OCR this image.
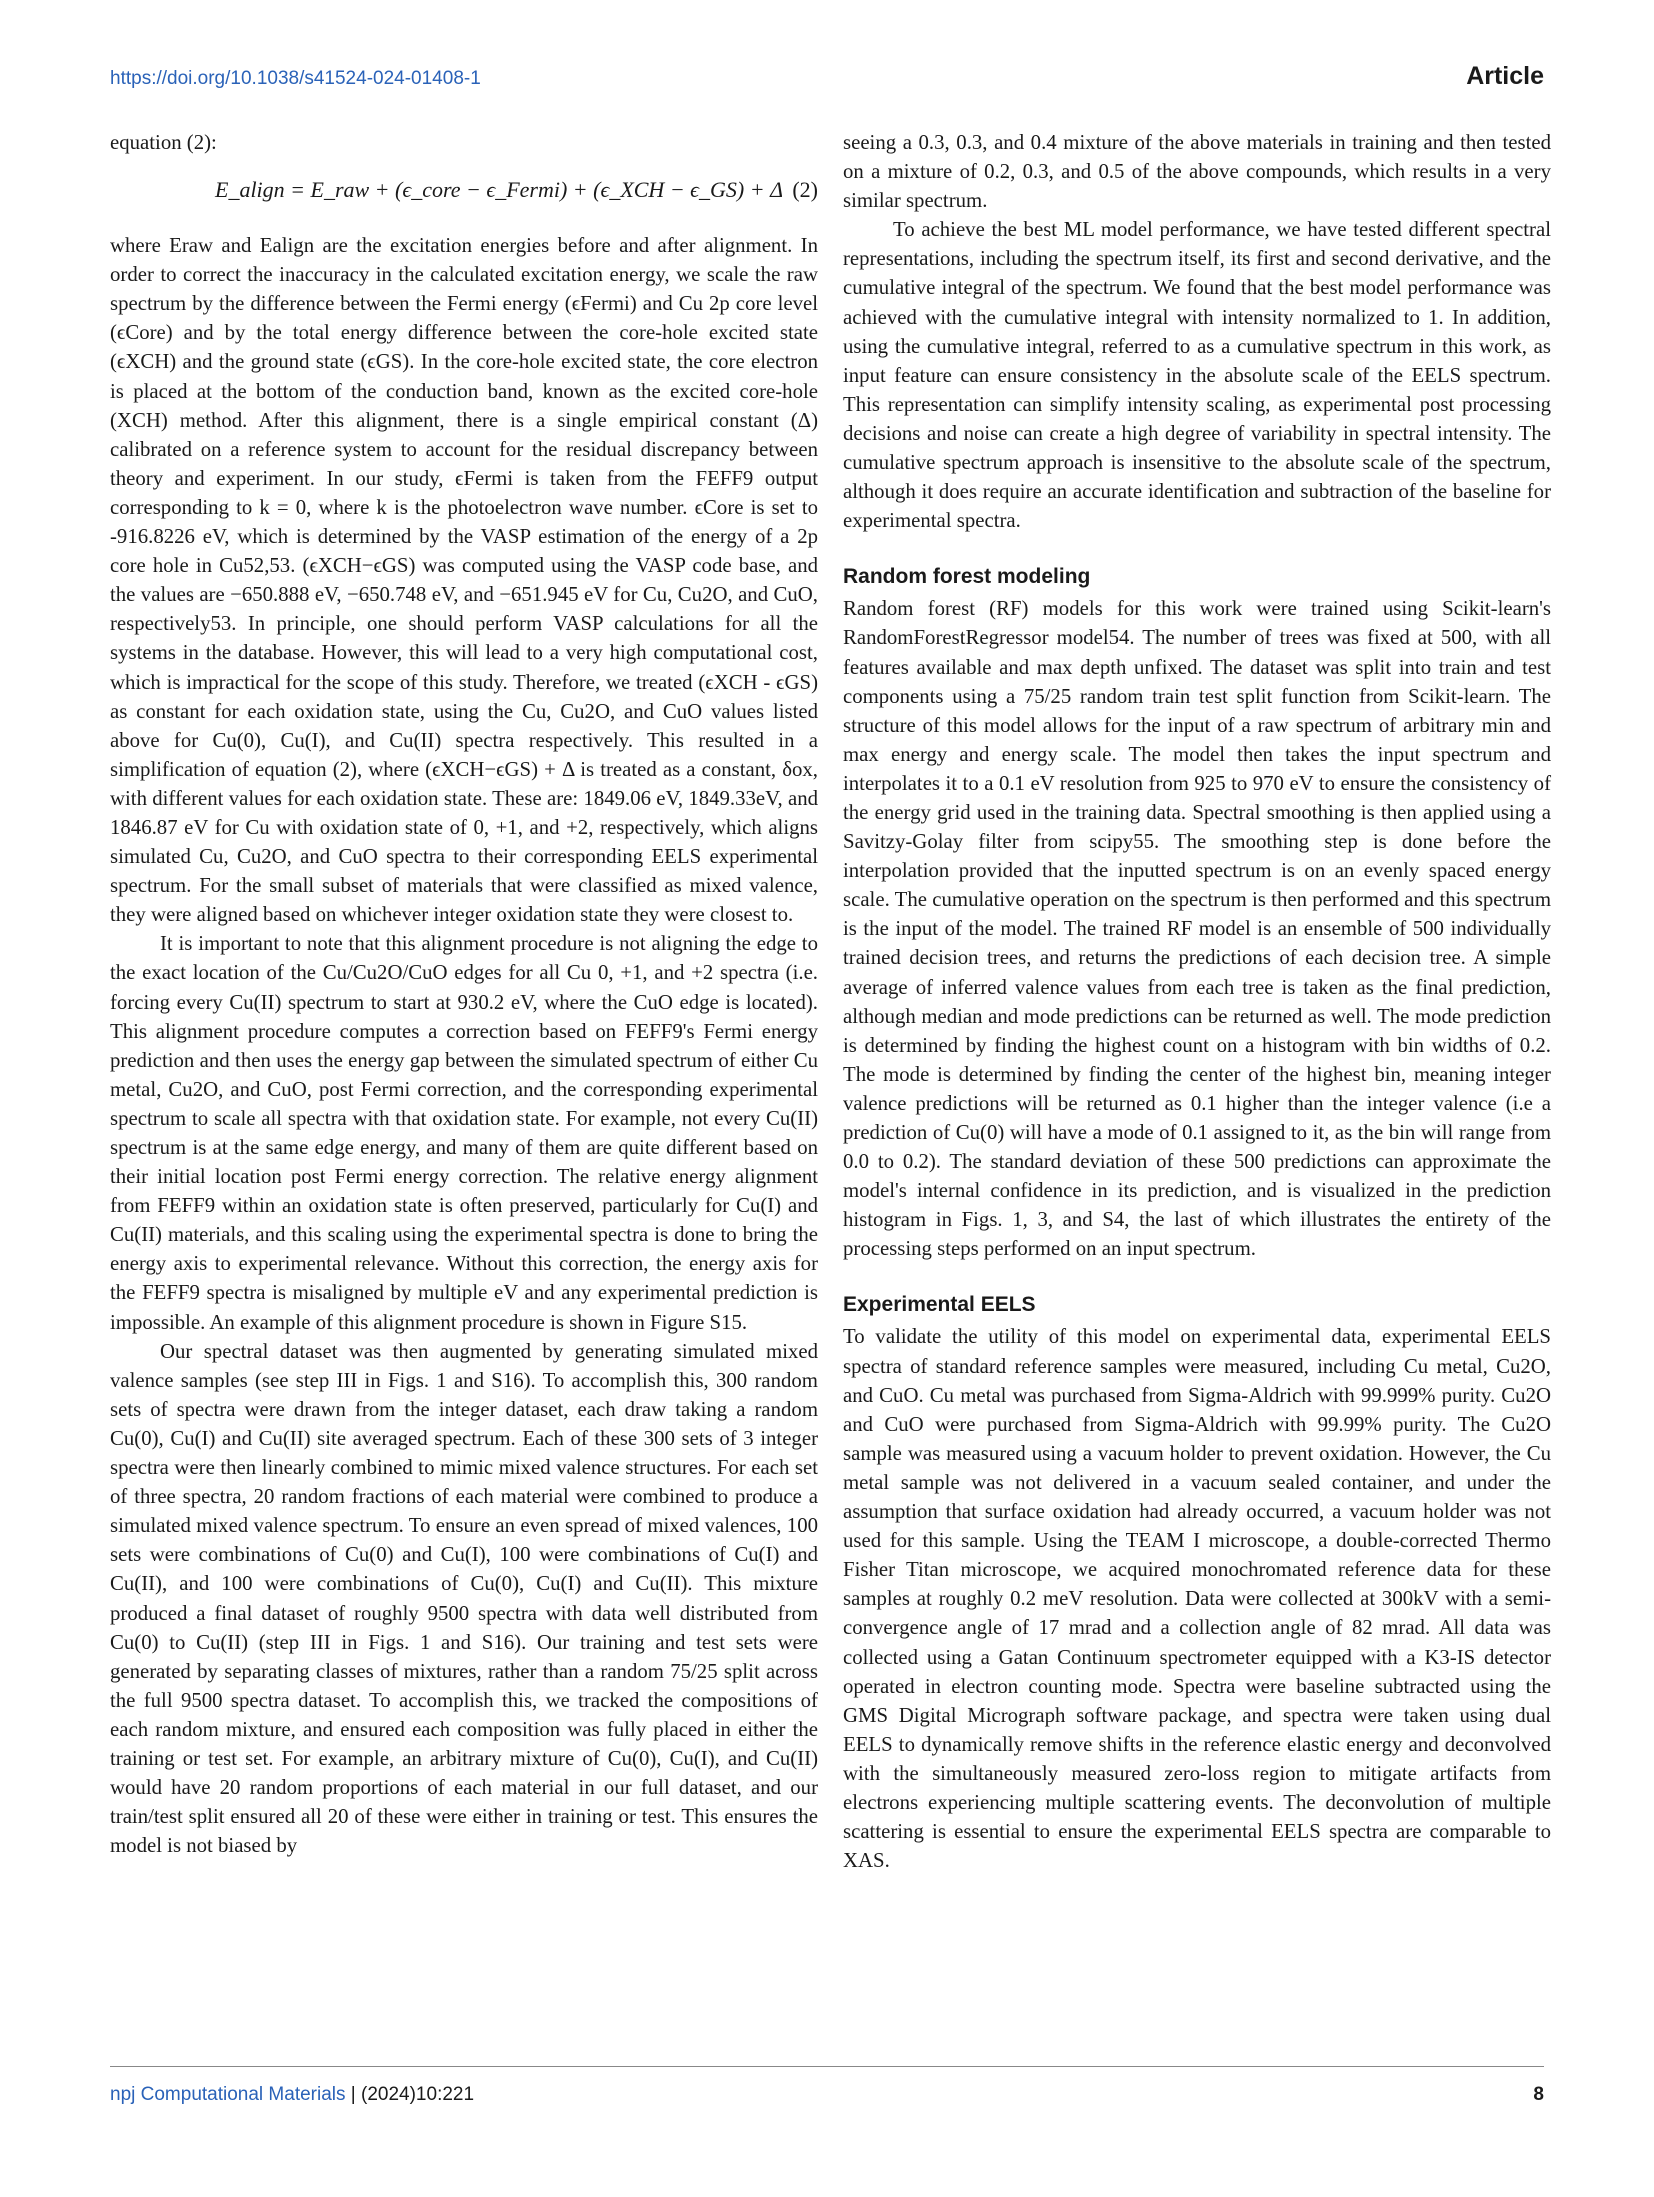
https://doi.org/10.1038/s41524-024-01408-1	Article

equation (2):

E_align = E_raw + (ϵ_core − ϵ_Fermi) + (ϵ_XCH − ϵ_GS) + Δ (2)

where Eraw and Ealign are the excitation energies before and after alignment. In order to correct the inaccuracy in the calculated excitation energy, we scale the raw spectrum by the difference between the Fermi energy (ϵFermi) and Cu 2p core level (ϵCore) and by the total energy difference between the core-hole excited state (ϵXCH) and the ground state (ϵGS). In the core-hole excited state, the core electron is placed at the bottom of the conduction band, known as the excited core-hole (XCH) method. After this alignment, there is a single empirical constant (Δ) calibrated on a reference system to account for the residual discrepancy between theory and experiment. In our study, ϵFermi is taken from the FEFF9 output corresponding to k = 0, where k is the photoelectron wave number. ϵCore is set to -916.8226 eV, which is determined by the VASP estimation of the energy of a 2p core hole in Cu52,53. (ϵXCH−ϵGS) was computed using the VASP code base, and the values are −650.888 eV, −650.748 eV, and −651.945 eV for Cu, Cu2O, and CuO, respectively53. In principle, one should perform VASP calculations for all the systems in the database. However, this will lead to a very high computational cost, which is impractical for the scope of this study. Therefore, we treated (ϵXCH - ϵGS) as constant for each oxidation state, using the Cu, Cu2O, and CuO values listed above for Cu(0), Cu(I), and Cu(II) spectra respectively. This resulted in a simplification of equation (2), where (ϵXCH−ϵGS) + Δ is treated as a constant, δox, with different values for each oxidation state. These are: 1849.06 eV, 1849.33eV, and 1846.87 eV for Cu with oxidation state of 0, +1, and +2, respectively, which aligns simulated Cu, Cu2O, and CuO spectra to their corresponding EELS experimental spectrum. For the small subset of materials that were classified as mixed valence, they were aligned based on whichever integer oxidation state they were closest to.

It is important to note that this alignment procedure is not aligning the edge to the exact location of the Cu/Cu2O/CuO edges for all Cu 0, +1, and +2 spectra (i.e. forcing every Cu(II) spectrum to start at 930.2 eV, where the CuO edge is located). This alignment procedure computes a correction based on FEFF9's Fermi energy prediction and then uses the energy gap between the simulated spectrum of either Cu metal, Cu2O, and CuO, post Fermi correction, and the corresponding experimental spectrum to scale all spectra with that oxidation state. For example, not every Cu(II) spectrum is at the same edge energy, and many of them are quite different based on their initial location post Fermi energy correction. The relative energy alignment from FEFF9 within an oxidation state is often preserved, particularly for Cu(I) and Cu(II) materials, and this scaling using the experimental spectra is done to bring the energy axis to experimental relevance. Without this correction, the energy axis for the FEFF9 spectra is misaligned by multiple eV and any experimental prediction is impossible. An example of this alignment procedure is shown in Figure S15.

Our spectral dataset was then augmented by generating simulated mixed valence samples (see step III in Figs. 1 and S16). To accomplish this, 300 random sets of spectra were drawn from the integer dataset, each draw taking a random Cu(0), Cu(I) and Cu(II) site averaged spectrum. Each of these 300 sets of 3 integer spectra were then linearly combined to mimic mixed valence structures. For each set of three spectra, 20 random fractions of each material were combined to produce a simulated mixed valence spectrum. To ensure an even spread of mixed valences, 100 sets were combinations of Cu(0) and Cu(I), 100 were combinations of Cu(I) and Cu(II), and 100 were combinations of Cu(0), Cu(I) and Cu(II). This mixture produced a final dataset of roughly 9500 spectra with data well distributed from Cu(0) to Cu(II) (step III in Figs. 1 and S16). Our training and test sets were generated by separating classes of mixtures, rather than a random 75/25 split across the full 9500 spectra dataset. To accomplish this, we tracked the compositions of each random mixture, and ensured each composition was fully placed in either the training or test set. For example, an arbitrary mixture of Cu(0), Cu(I), and Cu(II) would have 20 random proportions of each material in our full dataset, and our train/test split ensured all 20 of these were either in training or test. This ensures the model is not biased by

seeing a 0.3, 0.3, and 0.4 mixture of the above materials in training and then tested on a mixture of 0.2, 0.3, and 0.5 of the above compounds, which results in a very similar spectrum.

To achieve the best ML model performance, we have tested different spectral representations, including the spectrum itself, its first and second derivative, and the cumulative integral of the spectrum. We found that the best model performance was achieved with the cumulative integral with intensity normalized to 1. In addition, using the cumulative integral, referred to as a cumulative spectrum in this work, as input feature can ensure consistency in the absolute scale of the EELS spectrum. This representation can simplify intensity scaling, as experimental post processing decisions and noise can create a high degree of variability in spectral intensity. The cumulative spectrum approach is insensitive to the absolute scale of the spectrum, although it does require an accurate identification and subtraction of the baseline for experimental spectra.

Random forest modeling

Random forest (RF) models for this work were trained using Scikit-learn's RandomForestRegressor model54. The number of trees was fixed at 500, with all features available and max depth unfixed. The dataset was split into train and test components using a 75/25 random train test split function from Scikit-learn. The structure of this model allows for the input of a raw spectrum of arbitrary min and max energy and energy scale. The model then takes the input spectrum and interpolates it to a 0.1 eV resolution from 925 to 970 eV to ensure the consistency of the energy grid used in the training data. Spectral smoothing is then applied using a Savitzy-Golay filter from scipy55. The smoothing step is done before the interpolation provided that the inputted spectrum is on an evenly spaced energy scale. The cumulative operation on the spectrum is then performed and this spectrum is the input of the model. The trained RF model is an ensemble of 500 individually trained decision trees, and returns the predictions of each decision tree. A simple average of inferred valence values from each tree is taken as the final prediction, although median and mode predictions can be returned as well. The mode prediction is determined by finding the highest count on a histogram with bin widths of 0.2. The mode is determined by finding the center of the highest bin, meaning integer valence predictions will be returned as 0.1 higher than the integer valence (i.e a prediction of Cu(0) will have a mode of 0.1 assigned to it, as the bin will range from 0.0 to 0.2). The standard deviation of these 500 predictions can approximate the model's internal confidence in its prediction, and is visualized in the prediction histogram in Figs. 1, 3, and S4, the last of which illustrates the entirety of the processing steps performed on an input spectrum.

Experimental EELS

To validate the utility of this model on experimental data, experimental EELS spectra of standard reference samples were measured, including Cu metal, Cu2O, and CuO. Cu metal was purchased from Sigma-Aldrich with 99.999% purity. Cu2O and CuO were purchased from Sigma-Aldrich with 99.99% purity. The Cu2O sample was measured using a vacuum holder to prevent oxidation. However, the Cu metal sample was not delivered in a vacuum sealed container, and under the assumption that surface oxidation had already occurred, a vacuum holder was not used for this sample. Using the TEAM I microscope, a double-corrected Thermo Fisher Titan microscope, we acquired monochromated reference data for these samples at roughly 0.2 meV resolution. Data were collected at 300kV with a semi-convergence angle of 17 mrad and a collection angle of 82 mrad. All data was collected using a Gatan Continuum spectrometer equipped with a K3-IS detector operated in electron counting mode. Spectra were baseline subtracted using the GMS Digital Micrograph software package, and spectra were taken using dual EELS to dynamically remove shifts in the reference elastic energy and deconvolved with the simultaneously measured zero-loss region to mitigate artifacts from electrons experiencing multiple scattering events. The deconvolution of multiple scattering is essential to ensure the experimental EELS spectra are comparable to XAS.

npj Computational Materials | (2024)10:221	8
